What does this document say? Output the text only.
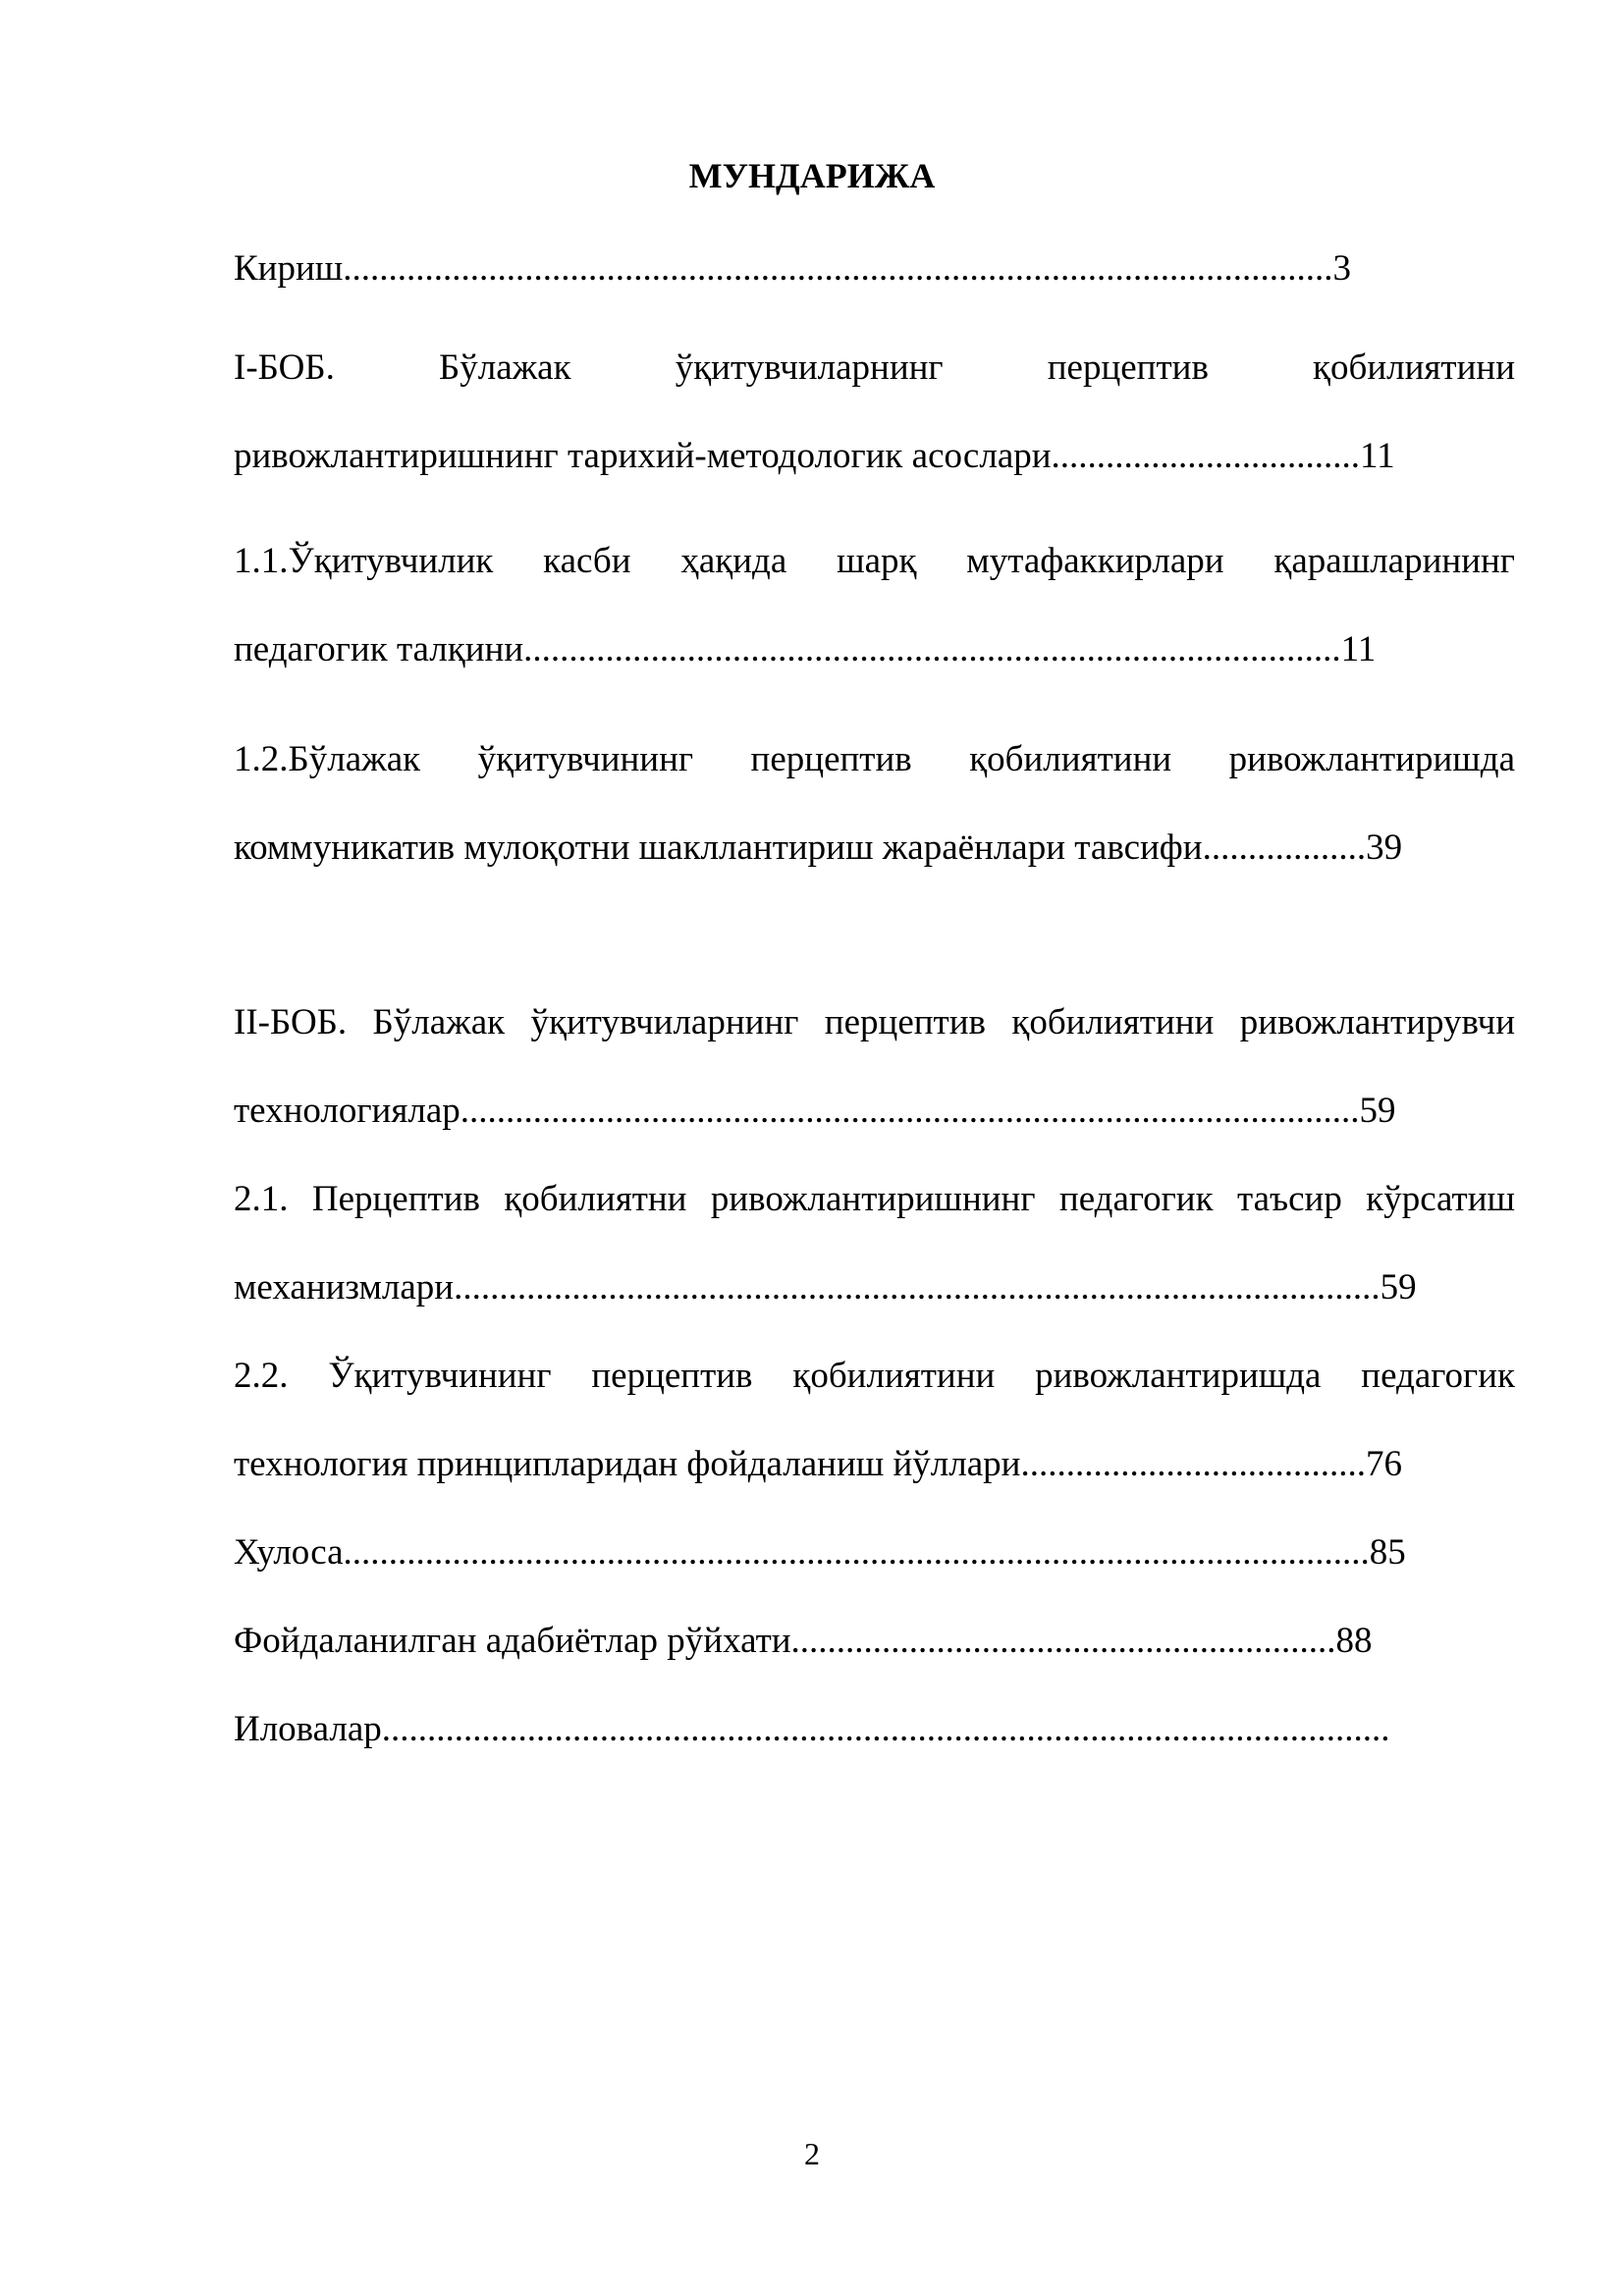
МУНДАРИЖА
Кириш.............................................................................................................3
I-БОБ. Бўлажак ўқитувчиларнинг перцептив қобилиятини
ривожлантиришнинг тарихий-методологик асослари..................................11
1.1.Ўқитувчилик касби ҳақида шарқ мутафаккирлари қарашларининг
педагогик талқини..........................................................................................11
1.2.Бўлажак ўқитувчининг перцептив қобилиятини ривожлантиришда
коммуникатив мулоқотни шакллантириш жараёнлари тавсифи..................39
II-БОБ. Бўлажак ўқитувчиларнинг перцептив қобилиятини ривожлантирувчи
технологиялар...................................................................................................59
2.1. Перцептив қобилиятни ривожлантиришнинг педагогик таъсир кўрсатиш
механизмлари......................................................................................................59
2.2. Ўқитувчининг перцептив қобилиятини ривожлантиришда педагогик
технология принципларидан фойдаланиш йўллари......................................76
Хулоса.................................................................................................................85
Фойдаланилган адабиётлар рўйхати............................................................88
Иловалар...............................................................................................................
2
